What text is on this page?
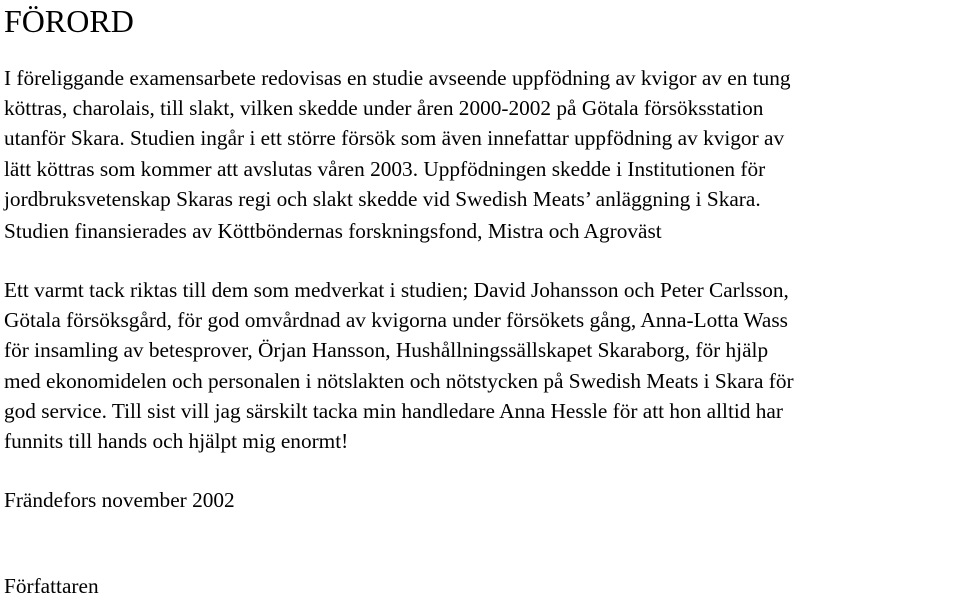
FÖRORD

I föreliggande examensarbete redovisas en studie avseende uppfödning av kvigor av en tung

köttras, charolais, till slakt, vilken skedde under åren 2000-2002 på Götala försöksstation

utanför Skara. Studien ingår i ett större försök som även innefattar uppfödning av kvigor av

lätt köttras som kommer att avslutas våren 2003. Uppfödningen skedde i Institutionen för

jordbruksvetenskap Skaras regi och slakt skedde vid Swedish Meats’ anläggning i Skara.

Studien finansierades av Köttböndernas forskningsfond, Mistra och Agroväst

Ett varmt tack riktas till dem som medverkat i studien; David Johansson och Peter Carlsson,

Götala försöksgård, för god omvårdnad av kvigorna under försökets gång, Anna-Lotta Wass

för insamling av betesprover, Örjan Hansson, Hushållningssällskapet Skaraborg, för hjälp

med ekonomidelen och personalen i nötslakten och nötstycken på Swedish Meats i Skara för

god service. Till sist vill jag särskilt tacka min handledare Anna Hessle för att hon alltid har

funnits till hands och hjälpt mig enormt!

Frändefors november 2002

Författaren
